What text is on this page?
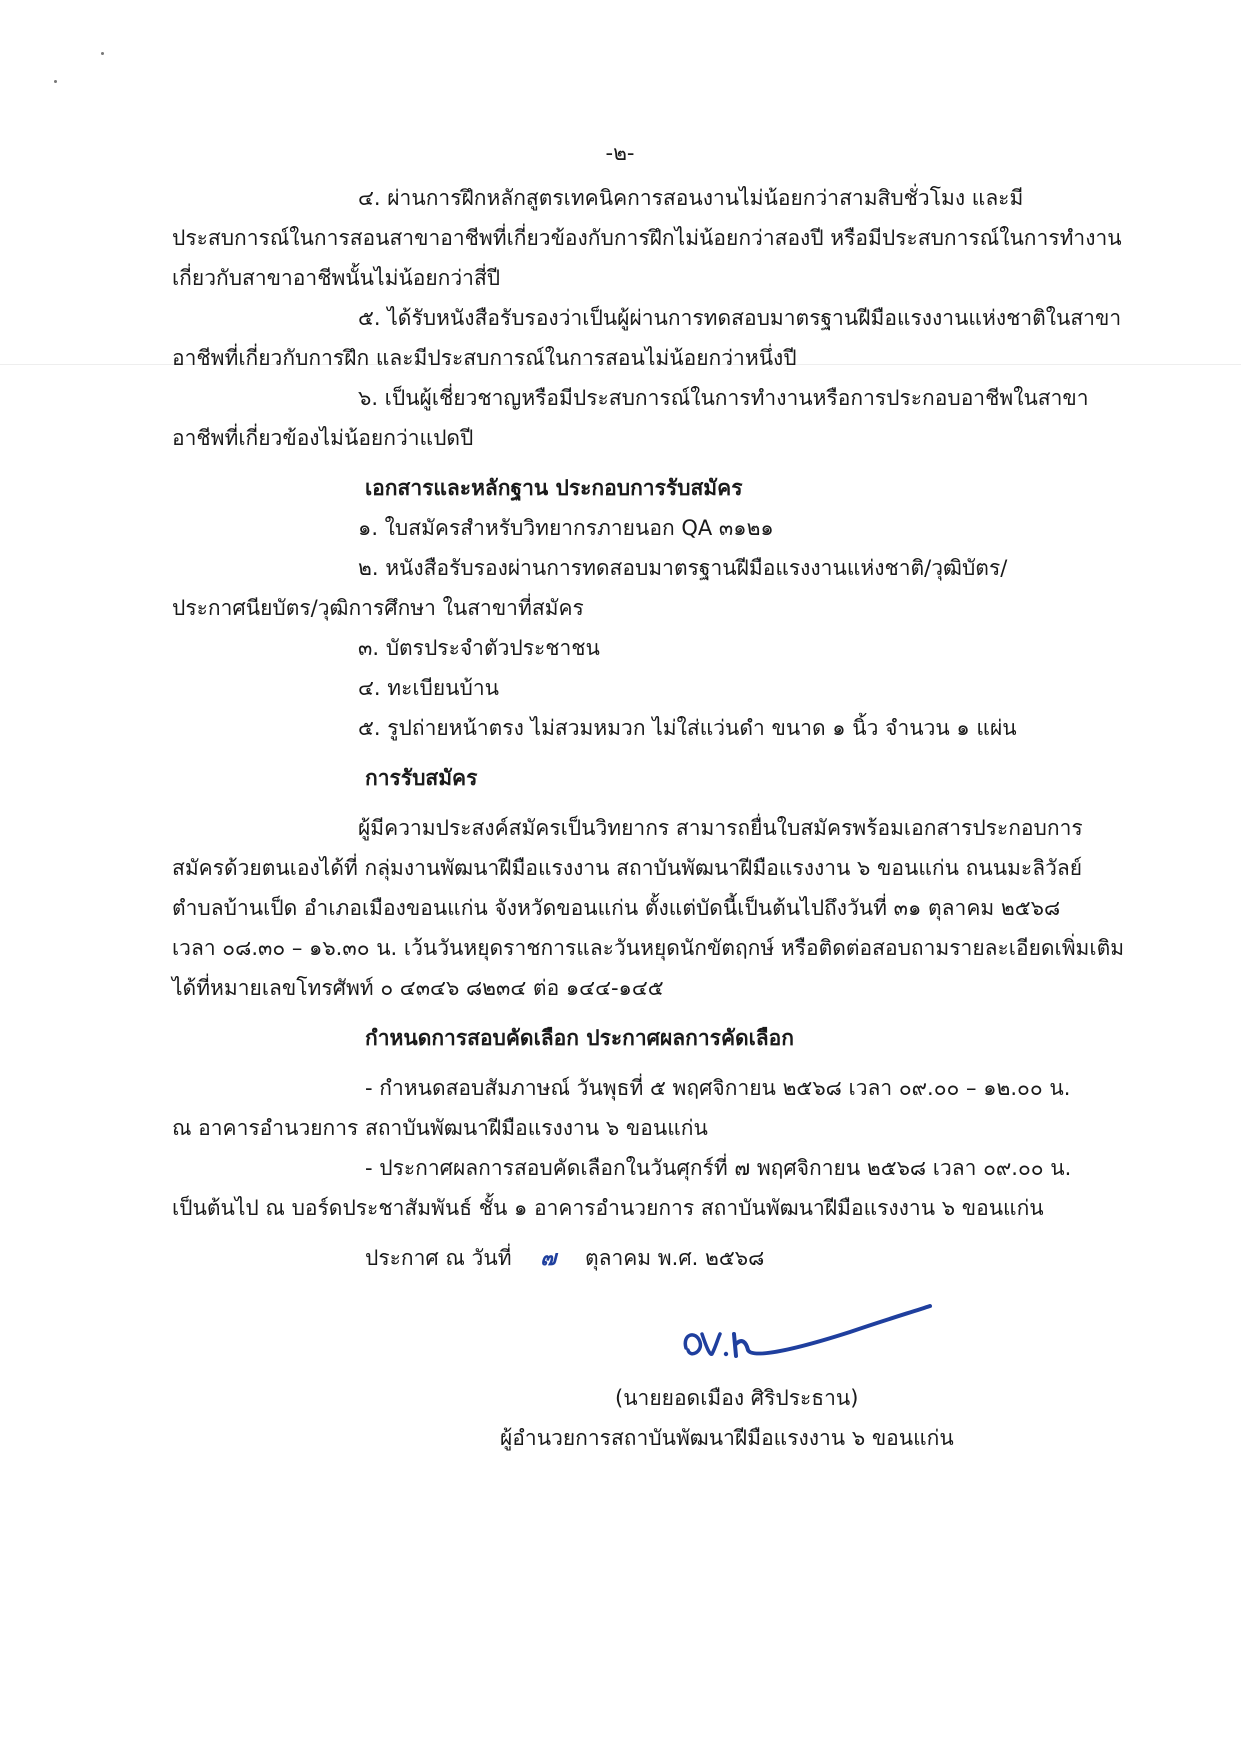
-๒-
๔. ผ่านการฝึกหลักสูตรเทคนิคการสอนงานไม่น้อยกว่าสามสิบชั่วโมง และมี
ประสบการณ์ในการสอนสาขาอาชีพที่เกี่ยวข้องกับการฝึกไม่น้อยกว่าสองปี หรือมีประสบการณ์ในการทำงาน
เกี่ยวกับสาขาอาชีพนั้นไม่น้อยกว่าสี่ปี
๕. ได้รับหนังสือรับรองว่าเป็นผู้ผ่านการทดสอบมาตรฐานฝีมือแรงงานแห่งชาติในสาขา
อาชีพที่เกี่ยวกับการฝึก และมีประสบการณ์ในการสอนไม่น้อยกว่าหนึ่งปี
๖. เป็นผู้เชี่ยวชาญหรือมีประสบการณ์ในการทำงานหรือการประกอบอาชีพในสาขา
อาชีพที่เกี่ยวข้องไม่น้อยกว่าแปดปี
เอกสารและหลักฐาน ประกอบการรับสมัคร
๑. ใบสมัครสำหรับวิทยากรภายนอก QA ๓๑๒๑
๒. หนังสือรับรองผ่านการทดสอบมาตรฐานฝีมือแรงงานแห่งชาติ/วุฒิบัตร/
ประกาศนียบัตร/วุฒิการศึกษา ในสาขาที่สมัคร
๓. บัตรประจำตัวประชาชน
๔. ทะเบียนบ้าน
๕. รูปถ่ายหน้าตรง ไม่สวมหมวก ไม่ใส่แว่นดำ ขนาด ๑ นิ้ว จำนวน ๑ แผ่น
การรับสมัคร
ผู้มีความประสงค์สมัครเป็นวิทยากร สามารถยื่นใบสมัครพร้อมเอกสารประกอบการ
สมัครด้วยตนเองได้ที่ กลุ่มงานพัฒนาฝีมือแรงงาน สถาบันพัฒนาฝีมือแรงงาน ๖ ขอนแก่น ถนนมะลิวัลย์
ตำบลบ้านเป็ด อำเภอเมืองขอนแก่น จังหวัดขอนแก่น ตั้งแต่บัดนี้เป็นต้นไปถึงวันที่ ๓๑ ตุลาคม ๒๕๖๘
เวลา ๐๘.๓๐ – ๑๖.๓๐ น. เว้นวันหยุดราชการและวันหยุดนักขัตฤกษ์ หรือติดต่อสอบถามรายละเอียดเพิ่มเติม
ได้ที่หมายเลขโทรศัพท์ ๐ ๔๓๔๖ ๘๒๓๔ ต่อ ๑๔๔-๑๔๕
กำหนดการสอบคัดเลือก ประกาศผลการคัดเลือก
- กำหนดสอบสัมภาษณ์ วันพุธที่ ๕ พฤศจิกายน ๒๕๖๘ เวลา ๐๙.๐๐ – ๑๒.๐๐ น.
ณ อาคารอำนวยการ สถาบันพัฒนาฝีมือแรงงาน ๖ ขอนแก่น
- ประกาศผลการสอบคัดเลือกในวันศุกร์ที่ ๗ พฤศจิกายน ๒๕๖๘ เวลา ๐๙.๐๐ น.
เป็นต้นไป ณ บอร์ดประชาสัมพันธ์ ชั้น ๑ อาคารอำนวยการ สถาบันพัฒนาฝีมือแรงงาน ๖ ขอนแก่น
ประกาศ ณ วันที่ ๗ ตุลาคม พ.ศ. ๒๕๖๘
(นายยอดเมือง ศิริประธาน)
ผู้อำนวยการสถาบันพัฒนาฝีมือแรงงาน ๖ ขอนแก่น
